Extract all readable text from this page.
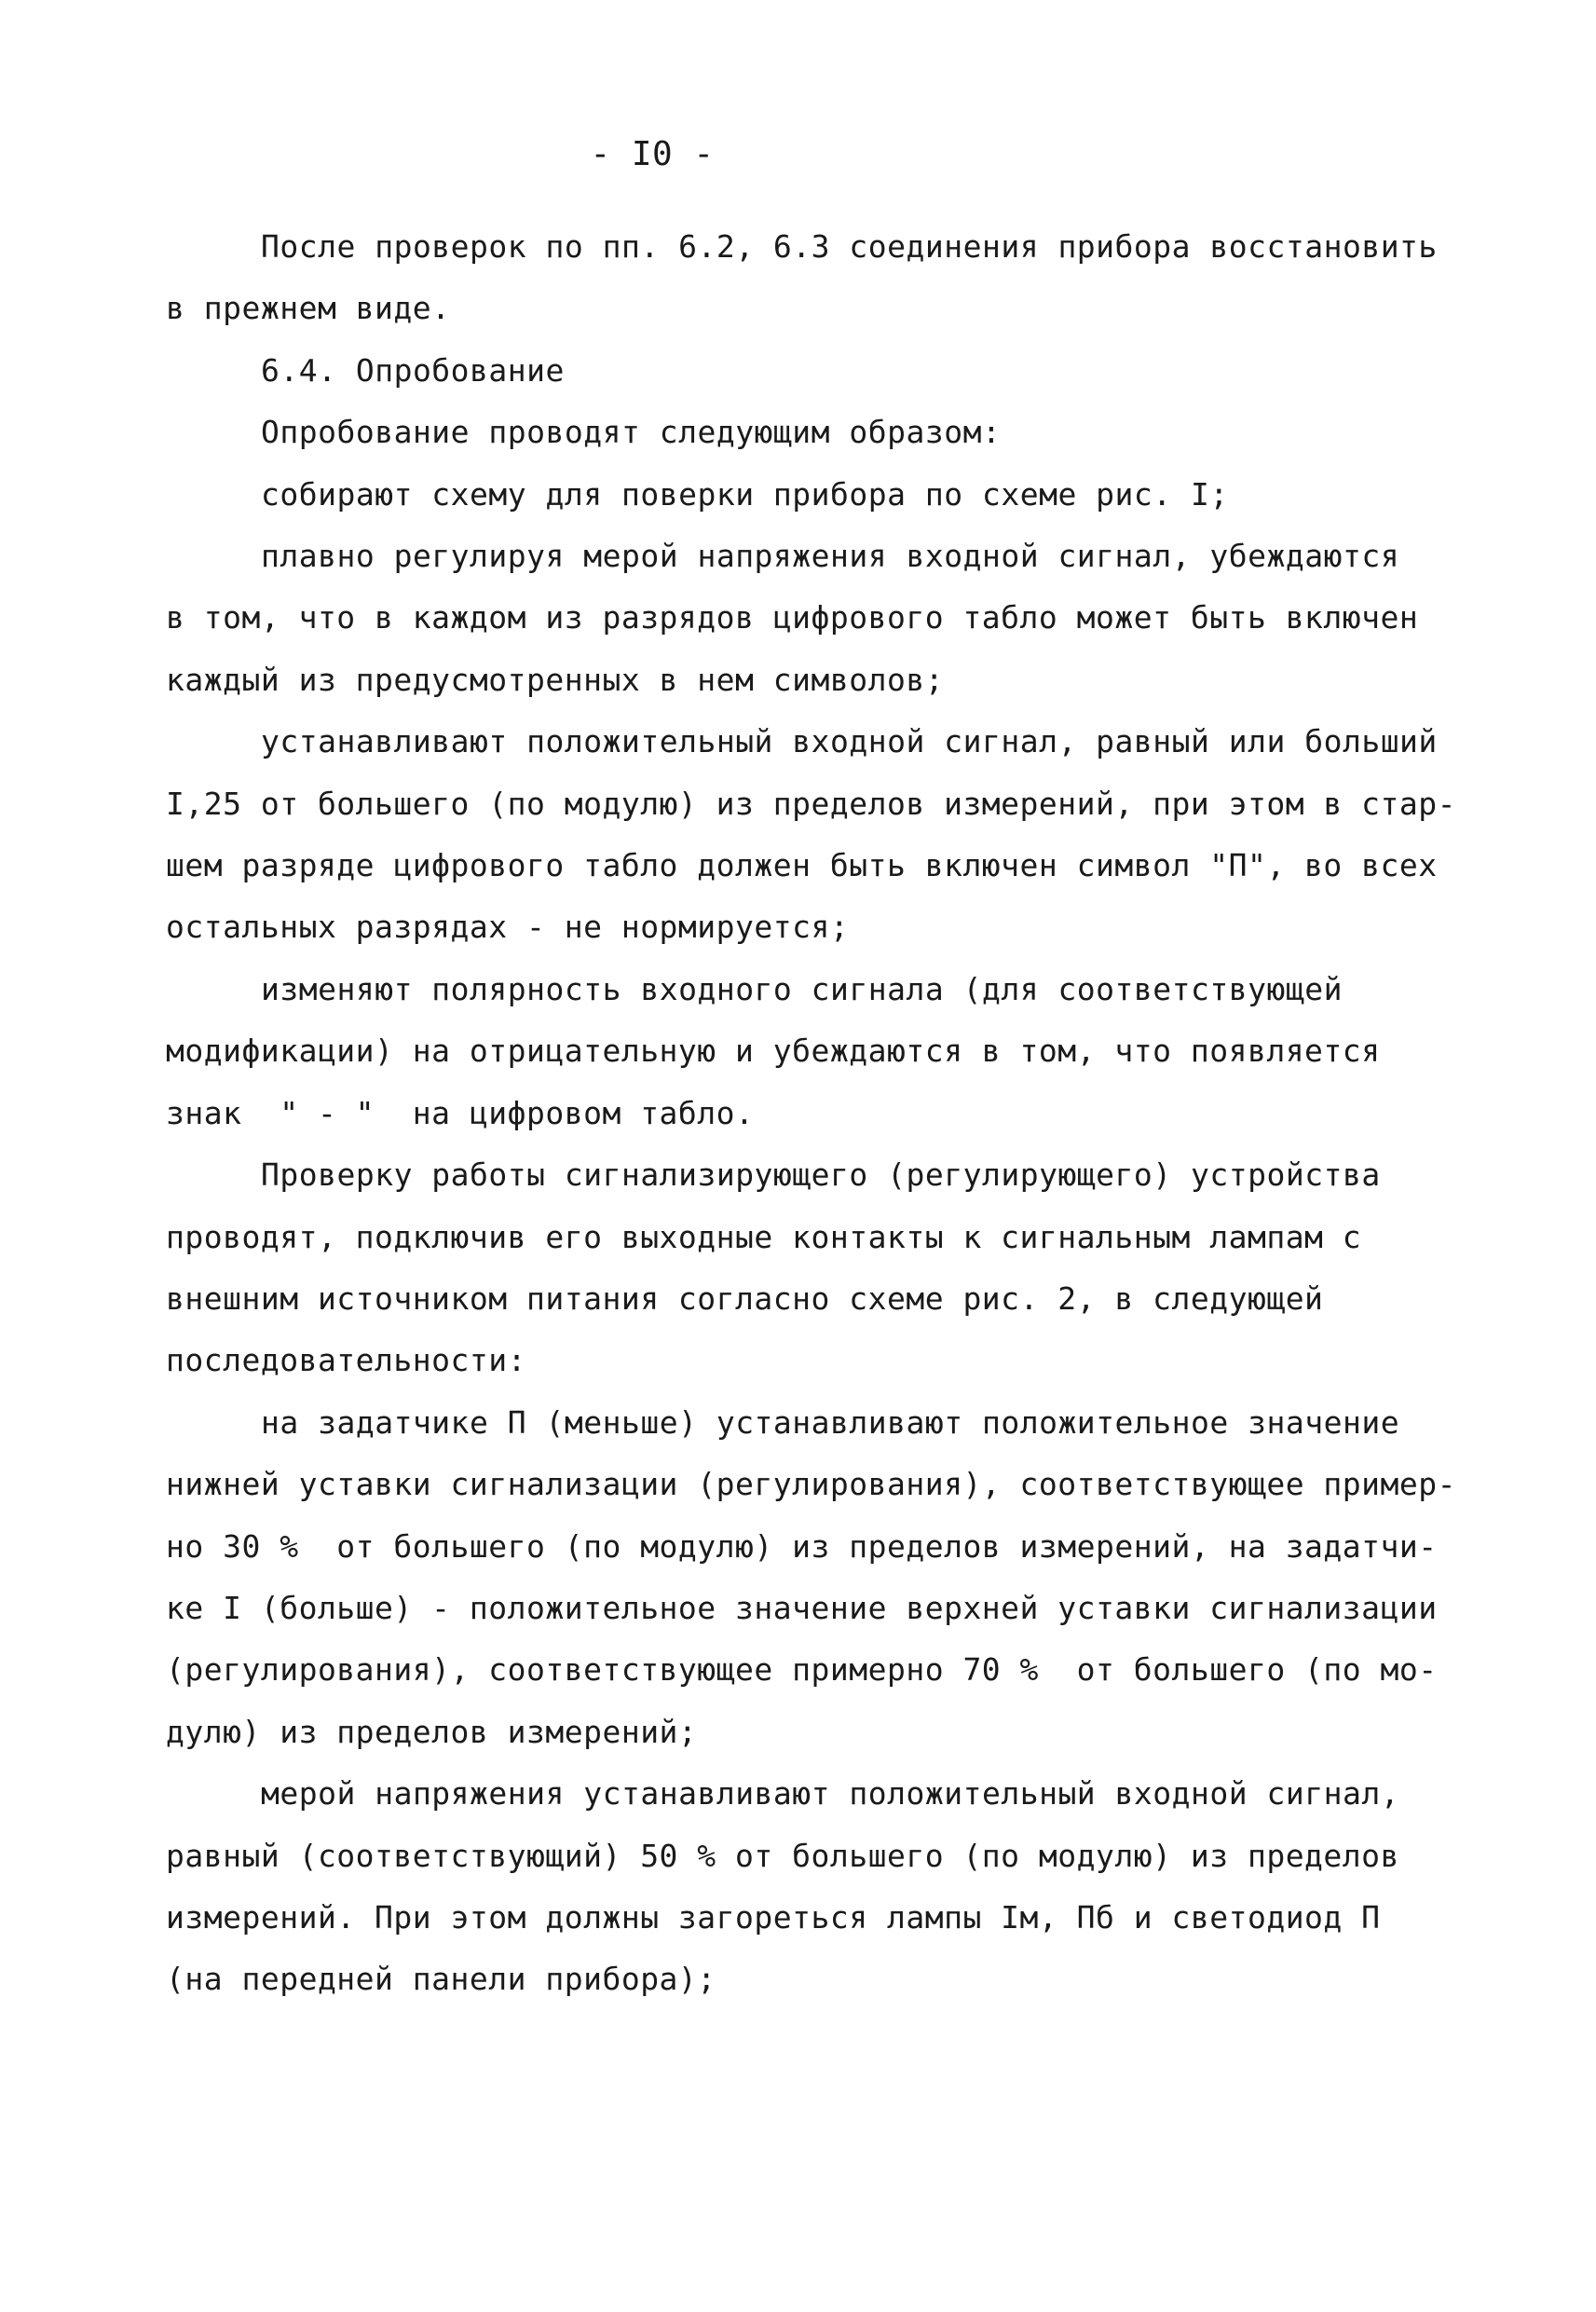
- I0 -
После проверок по пп. 6.2, 6.3 соединения прибора восстановить
в прежнем виде.
6.4. Опробование
Опробование проводят следующим образом:
собирают схему для поверки прибора по схеме рис. I;
плавно регулируя мерой напряжения входной сигнал, убеждаются
в том, что в каждом из разрядов цифрового табло может быть включен
каждый из предусмотренных в нем символов;
устанавливают положительный входной сигнал, равный или больший
I,25 от большего (по модулю) из пределов измерений, при этом в стар-
шем разряде цифрового табло должен быть включен символ "П", во всех
остальных разрядах - не нормируется;
изменяют полярность входного сигнала (для соответствующей
модификации) на отрицательную и убеждаются в том, что появляется
знак  " - "  на цифровом табло.
Проверку работы сигнализирующего (регулирующего) устройства
проводят, подключив его выходные контакты к сигнальным лампам с
внешним источником питания согласно схеме рис. 2, в следующей
последовательности:
на задатчике П (меньше) устанавливают положительное значение
нижней уставки сигнализации (регулирования), соответствующее пример-
но 30 %  от большего (по модулю) из пределов измерений, на задатчи-
ке I (больше) - положительное значение верхней уставки сигнализации
(регулирования), соответствующее примерно 70 %  от большего (по мо-
дулю) из пределов измерений;
мерой напряжения устанавливают положительный входной сигнал,
равный (соответствующий) 50 % от большего (по модулю) из пределов
измерений. При этом должны загореться лампы Iм, Пб и светодиод П
(на передней панели прибора);
